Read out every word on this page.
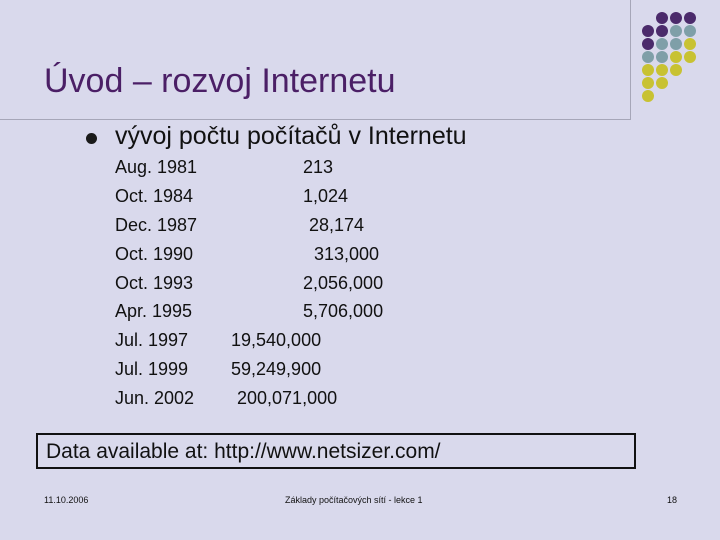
Úvod – rozvoj Internetu
vývoj počtu počítačů v Internetu
Aug. 1981	213
Oct. 1984	1,024
Dec. 1987	28,174
Oct. 1990	313,000
Oct. 1993	2,056,000
Apr. 1995	5,706,000
Jul. 1997 19,540,000
Jul. 1999 59,249,900
Jun. 2002 200,071,000
Data available at: http://www.netsizer.com/
11.10.2006	Základy počítačových sítí - lekce 1	18
